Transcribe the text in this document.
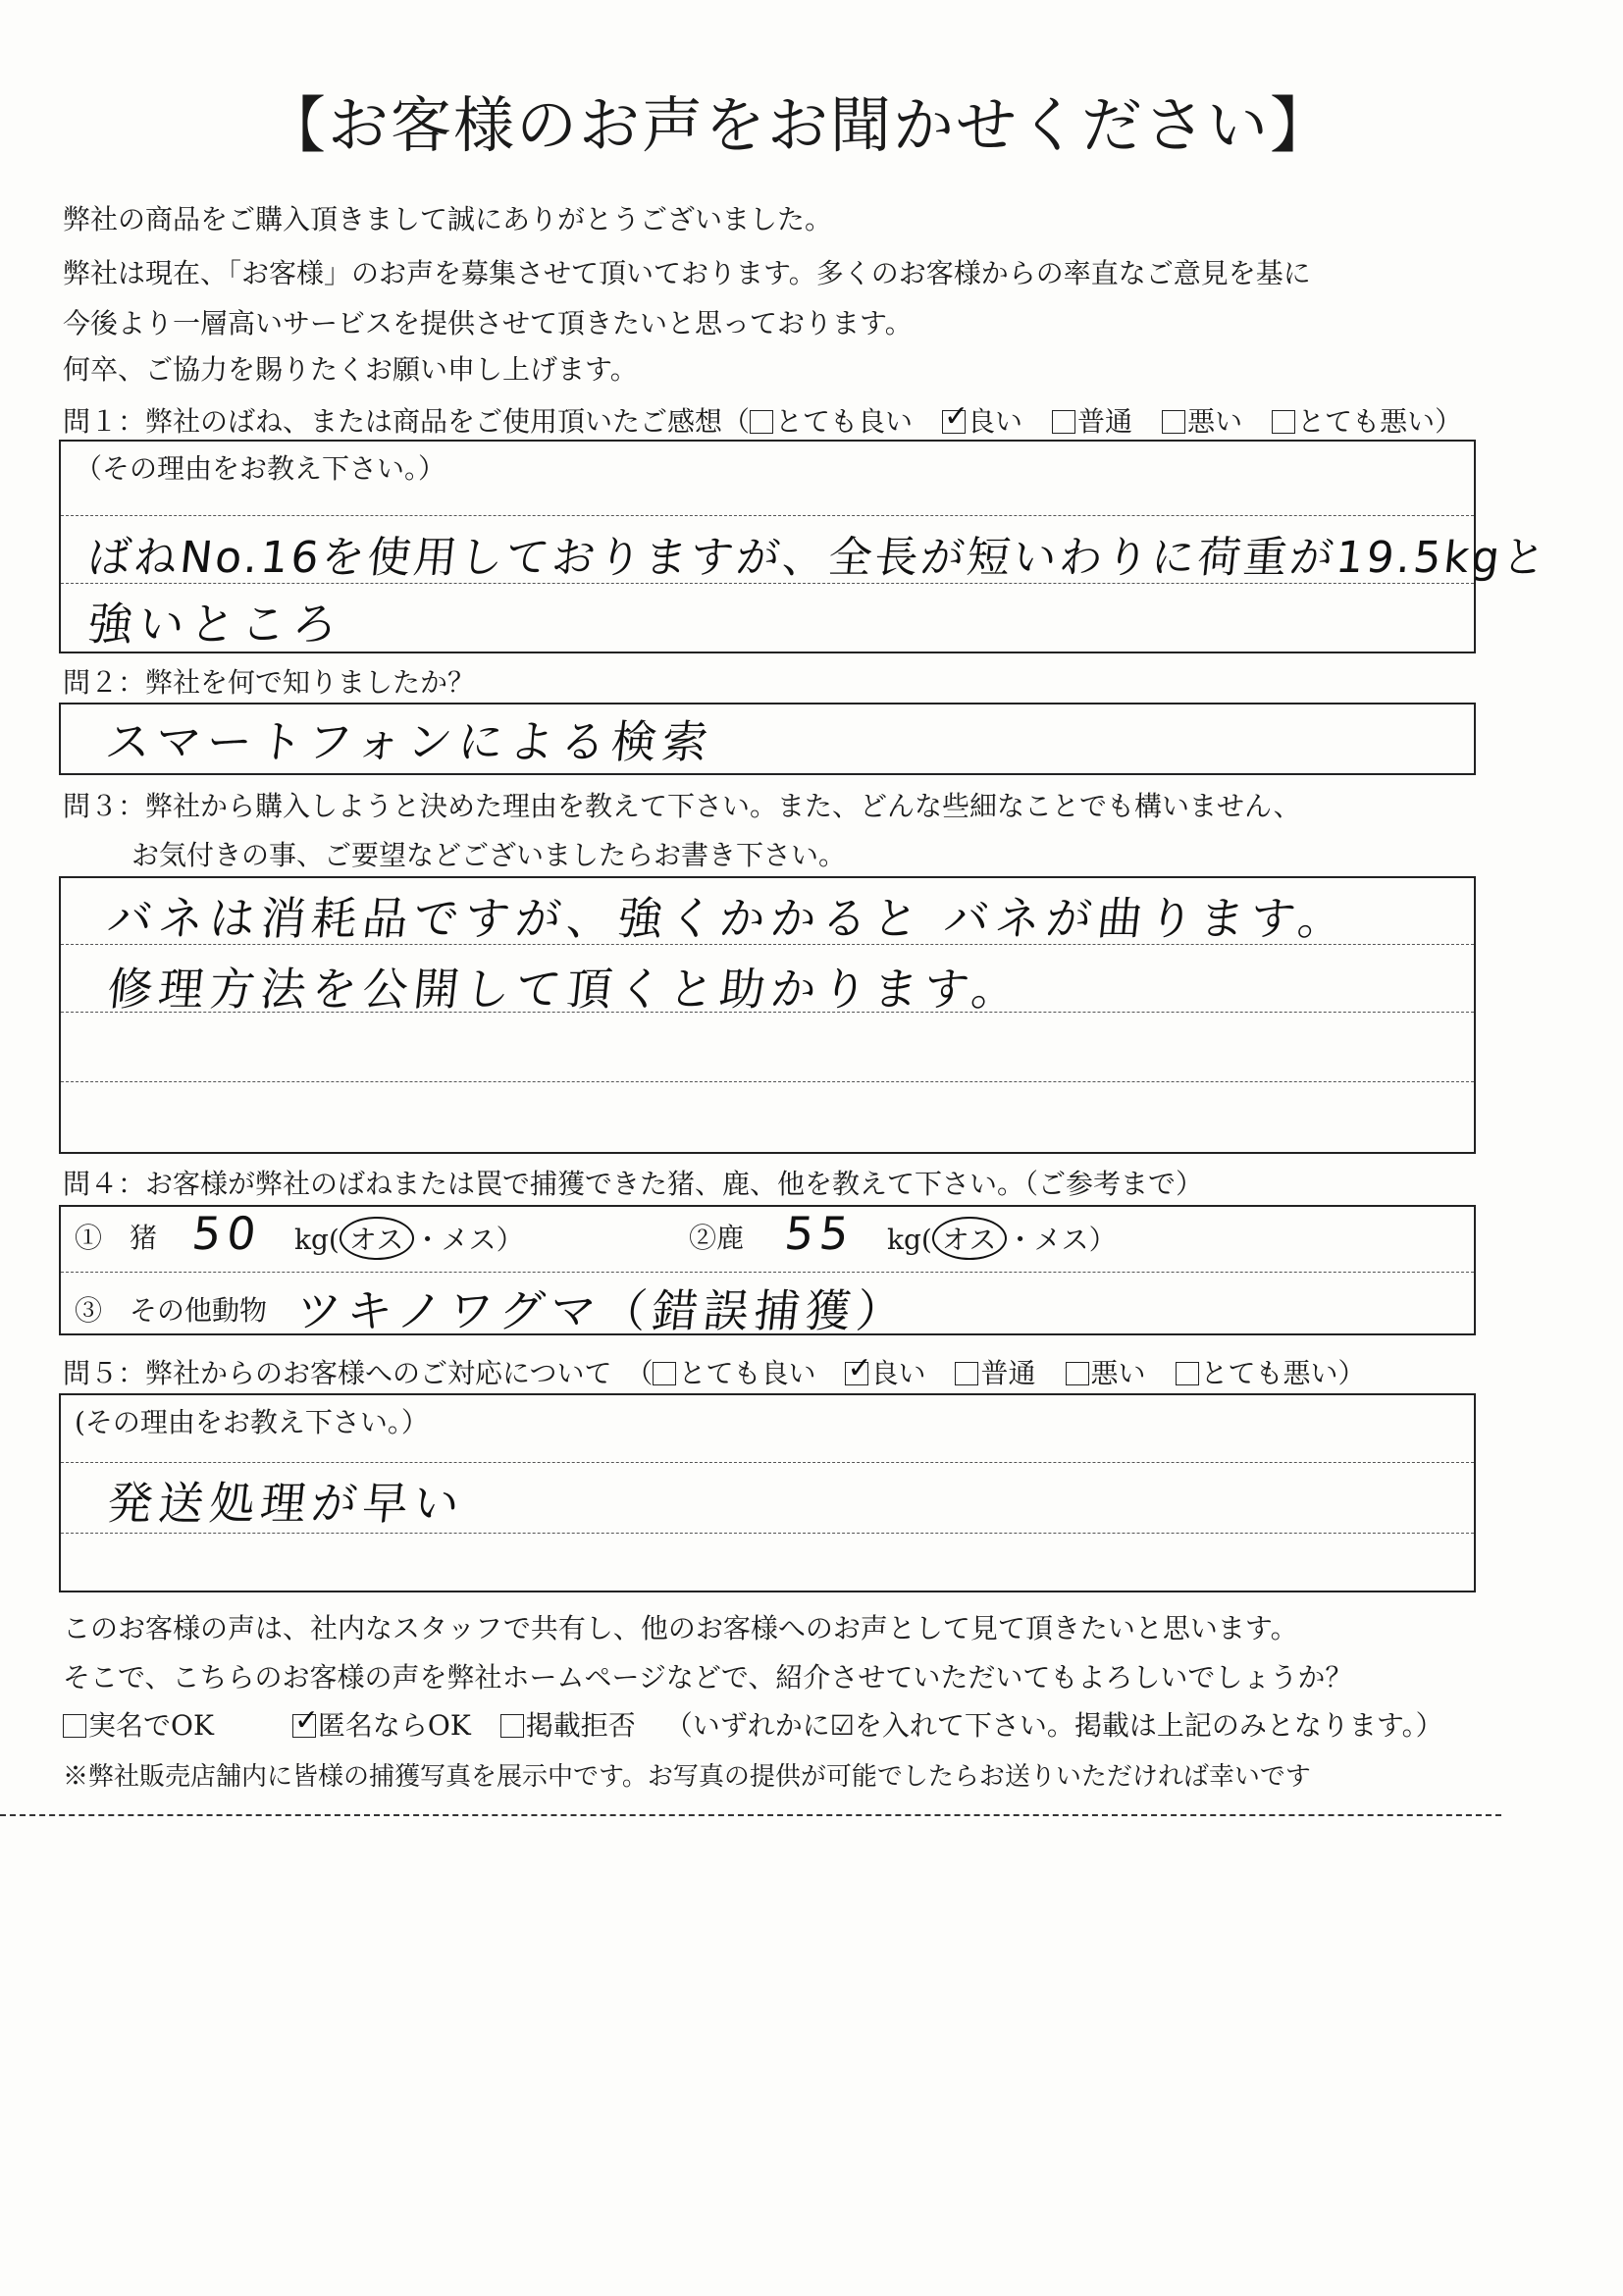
【お客様のお声をお聞かせください】
弊社の商品をご購入頂きまして誠にありがとうございました。
弊社は現在、「お客様」のお声を募集させて頂いております。多くのお客様からの率直なご意見を基に
今後より一層高いサービスを提供させて頂きたいと思っております。
何卒、ご協力を賜りたくお願い申し上げます。
問１：弊社のばね、または商品をご使用頂いたご感想（ とても良い ✓ 良い 普通 悪い とても悪い）
（その理由をお教え下さい。）
ばねNo.16を使用しておりますが、全長が短いわりに荷重が19.5kgと
強いところ
問２：弊社を何で知りましたか？
スマートフォンによる検索
問３：弊社から購入しようと決めた理由を教えて下さい。また、どんな些細なことでも構いません、
お気付きの事、ご要望などございましたらお書き下さい。
バネは消耗品ですが、強くかかると バネが曲ります。
修理方法を公開して頂くと助かります。
問４：お客様が弊社のばねまたは罠で捕獲できた猪、鹿、他を教えて下さい。（ご参考まで）
①　猪 50 kg( オス ・メス）	②鹿 55 kg( オス ・メス）
③　その他動物 ツキノワグマ（錯誤捕獲）
問５：弊社からのお客様へのご対応について　（ とても良い ✓ 良い 普通 悪い とても悪い）
(その理由をお教え下さい。）
発送処理が早い
このお客様の声は、社内なスタッフで共有し、他のお客様へのお声として見て頂きたいと思います。
そこで、こちらのお客様の声を弊社ホームページなどで、紹介させていただいてもよろしいでしょうか？
実名でOK ✓	匿名ならOK 掲載拒否 （いずれかに☑を入れて下さい。掲載は上記のみとなります。）
※弊社販売店舗内に皆様の捕獲写真を展示中です。お写真の提供が可能でしたらお送りいただければ幸いです
